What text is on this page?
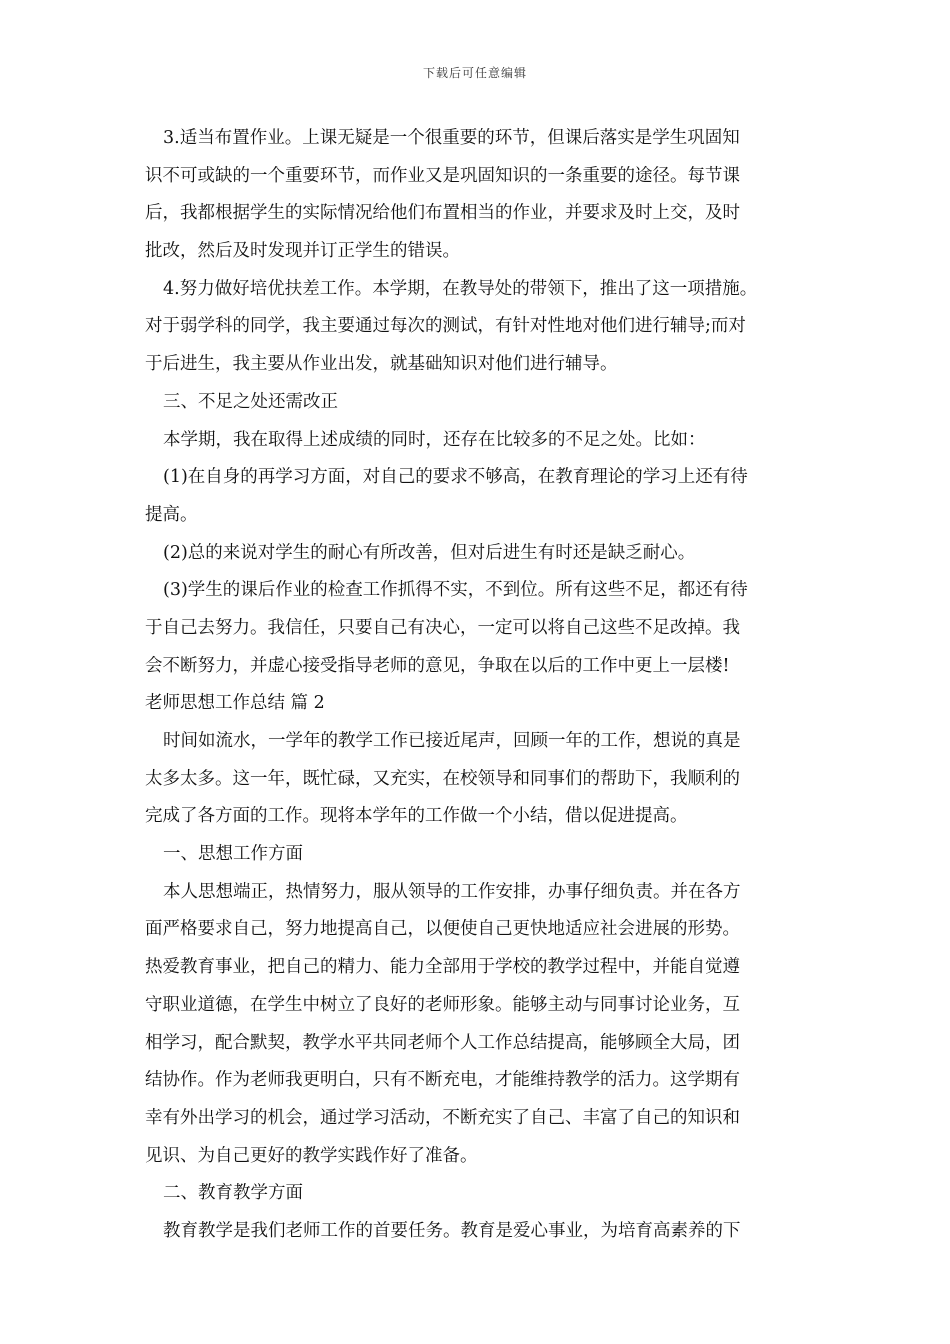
下载后可任意编辑
3.适当布置作业。上课无疑是一个很重要的环节，但课后落实是学生巩固知
识不可或缺的一个重要环节，而作业又是巩固知识的一条重要的途径。每节课
后，我都根据学生的实际情况给他们布置相当的作业，并要求及时上交，及时
批改，然后及时发现并订正学生的错误。
4.努力做好培优扶差工作。本学期，在教导处的带领下，推出了这一项措施。
对于弱学科的同学，我主要通过每次的测试，有针对性地对他们进行辅导;而对
于后进生，我主要从作业出发，就基础知识对他们进行辅导。
三、不足之处还需改正
本学期，我在取得上述成绩的同时，还存在比较多的不足之处。比如：
(1)在自身的再学习方面，对自己的要求不够高，在教育理论的学习上还有待
提高。
(2)总的来说对学生的耐心有所改善，但对后进生有时还是缺乏耐心。
(3)学生的课后作业的检查工作抓得不实，不到位。所有这些不足，都还有待
于自己去努力。我信任，只要自己有决心，一定可以将自己这些不足改掉。我
会不断努力，并虚心接受指导老师的意见，争取在以后的工作中更上一层楼!
老师思想工作总结 篇 2
时间如流水，一学年的教学工作已接近尾声，回顾一年的工作，想说的真是
太多太多。这一年，既忙碌，又充实，在校领导和同事们的帮助下，我顺利的
完成了各方面的工作。现将本学年的工作做一个小结，借以促进提高。
一、思想工作方面
本人思想端正，热情努力，服从领导的工作安排，办事仔细负责。并在各方
面严格要求自己，努力地提高自己，以便使自己更快地适应社会进展的形势。
热爱教育事业，把自己的精力、能力全部用于学校的教学过程中，并能自觉遵
守职业道德，在学生中树立了良好的老师形象。能够主动与同事讨论业务，互
相学习，配合默契，教学水平共同老师个人工作总结提高，能够顾全大局，团
结协作。作为老师我更明白，只有不断充电，才能维持教学的活力。这学期有
幸有外出学习的机会，通过学习活动，不断充实了自己、丰富了自己的知识和
见识、为自己更好的教学实践作好了准备。
二、教育教学方面
教育教学是我们老师工作的首要任务。教育是爱心事业，为培育高素养的下
